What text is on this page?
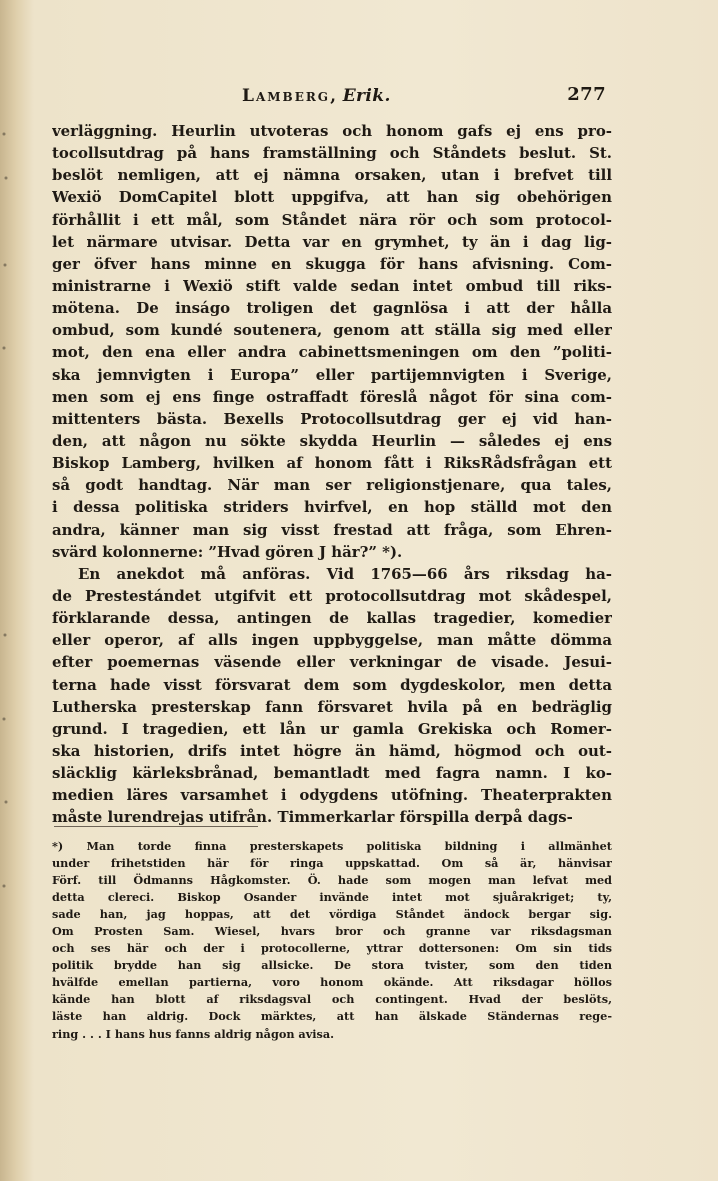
Lamberg, Erik.	277
verläggning. Heurlin utvoteras och honom gafs ej ens pro-
tocollsutdrag på hans framställning och Ståndets beslut. St.
beslöt nemligen, att ej nämna orsaken, utan i brefvet till
Wexiö DomCapitel blott uppgifva, att han sig obehörigen
förhållit i ett mål, som Ståndet nära rör och som protocol-
let närmare utvisar. Detta var en grymhet, ty än i dag lig-
ger öfver hans minne en skugga för hans afvisning. Com-
ministrarne i Wexiö stift valde sedan intet ombud till riks-
mötena. De inságo troligen det gagnlösa i att der hålla
ombud, som kundé soutenera, genom att ställa sig med eller
mot, den ena eller andra cabinettsmeningen om den ”politi-
ska jemnvigten i Europa” eller partijemnvigten i Sverige,
men som ej ens finge ostraffadt föreslå något för sina com-
mittenters bästa. Bexells Protocollsutdrag ger ej vid han-
den, att någon nu sökte skydda Heurlin — således ej ens
Biskop Lamberg, hvilken af honom fått i RiksRådsfrågan ett
så godt handtag. När man ser religionstjenare, qua tales,
i dessa politiska striders hvirfvel, en hop ställd mot den
andra, känner man sig visst frestad att fråga, som Ehren-
svärd kolonnerne: ”Hvad gören J här?” *).
En anekdot må anföras. Vid 1765—66 års riksdag ha-
de Prestestándet utgifvit ett protocollsutdrag mot skådespel,
förklarande dessa, antingen de kallas tragedier, komedier
eller operor, af alls ingen uppbyggelse, man måtte dömma
efter poemernas väsende eller verkningar de visade. Jesui-
terna hade visst försvarat dem som dygdeskolor, men detta
Lutherska presterskap fann försvaret hvila på en bedräglig
grund. I tragedien, ett lån ur gamla Grekiska och Romer-
ska historien, drifs intet högre än hämd, högmod och out-
släcklig kärleksbrånad, bemantladt med fagra namn. I ko-
medien läres varsamhet i odygdens utöfning. Theaterprakten
måste lurendrejas utifrån. Timmerkarlar förspilla derpå dags-
*) Man torde finna presterskapets politiska bildning i allmänhet
under frihetstiden här för ringa uppskattad. Om så är, hänvisar
Förf. till Ödmanns Hågkomster. Ö. hade som mogen man lefvat med
detta clereci. Biskop Osander invände intet mot sjuårakriget; ty,
sade han, jag hoppas, att det vördiga Ståndet ändock bergar sig.
Om Prosten Sam. Wiesel, hvars bror och granne var riksdagsman
och ses här och der i protocollerne, yttrar dottersonen: Om sin tids
politik brydde han sig allsicke. De stora tvister, som den tiden
hvälfde emellan partierna, voro honom okände. Att riksdagar höllos
kände han blott af riksdagsval och contingent. Hvad der beslöts,
läste han aldrig. Dock märktes, att han älskade Ständernas rege-
ring . . . I hans hus fanns aldrig någon avisa.
